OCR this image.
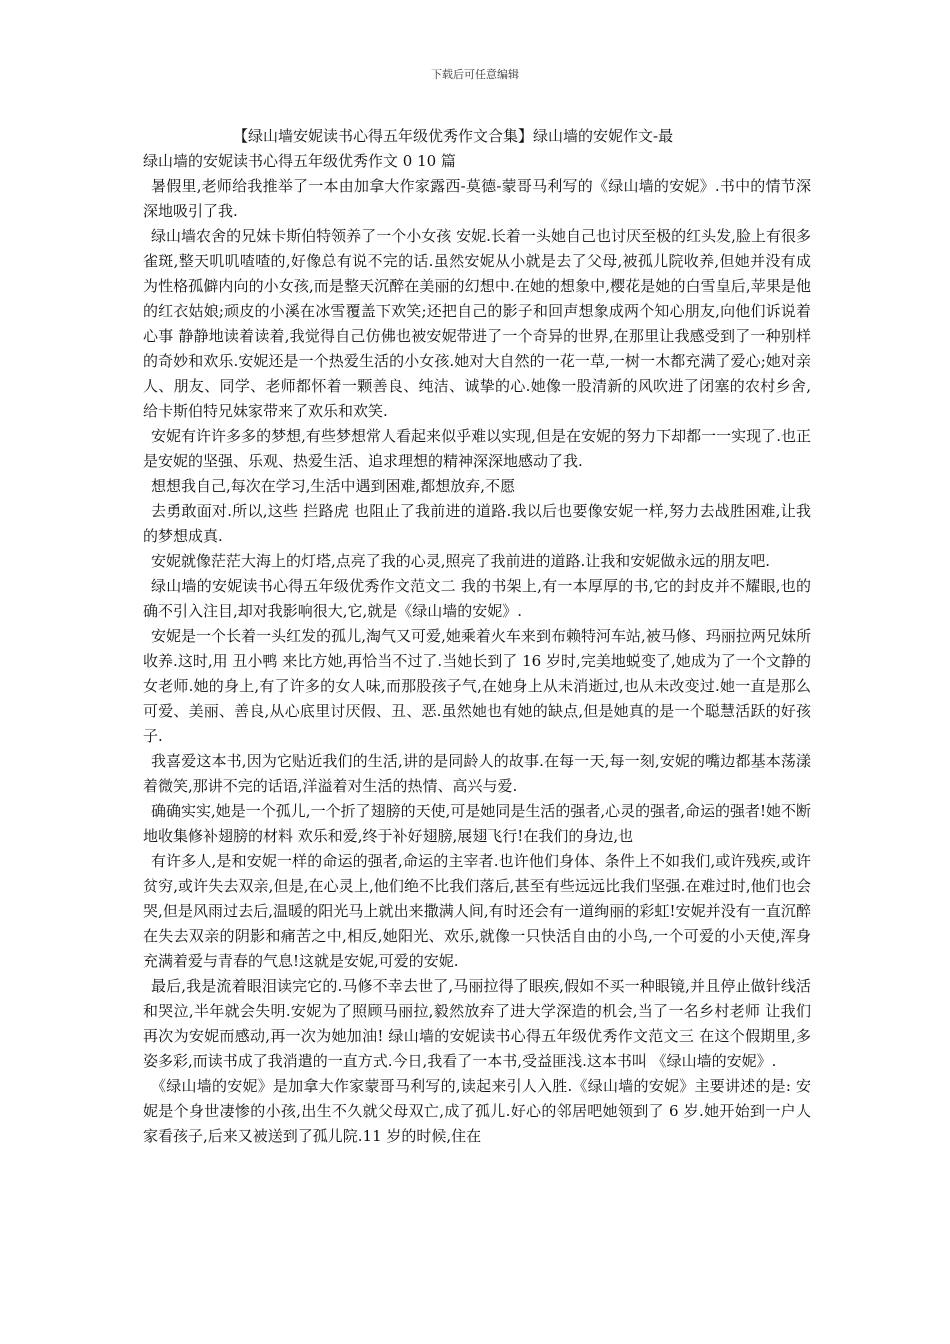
下载后可任意编辑

【绿山墙安妮读书心得五年级优秀作文合集】绿山墙的安妮作文-最

绿山墙的安妮读书心得五年级优秀作文 0 10 篇

暑假里,老师给我推举了一本由加拿大作家露西-莫德-蒙哥马利写的《绿山墙的安妮》.书中的情节深深地吸引了我.

绿山墙农舍的兄妹卡斯伯特领养了一个小女孩 安妮.长着一头她自己也讨厌至极的红头发,脸上有很多雀斑,整天叽叽喳喳的,好像总有说不完的话.虽然安妮从小就是去了父母,被孤儿院收养,但她并没有成为性格孤僻内向的小女孩,而是整天沉醉在美丽的幻想中.在她的想象中,樱花是她的白雪皇后,苹果是他的红衣姑娘;顽皮的小溪在冰雪覆盖下欢笑;还把自己的影子和回声想象成两个知心朋友,向他们诉说着心事 静静地读着读着,我觉得自己仿佛也被安妮带进了一个奇异的世界,在那里让我感受到了一种别样的奇妙和欢乐.安妮还是一个热爱生活的小女孩.她对大自然的一花一草,一树一木都充满了爱心;她对亲人、朋友、同学、老师都怀着一颗善良、纯洁、诚挚的心.她像一股清新的风吹进了闭塞的农村乡舍,给卡斯伯特兄妹家带来了欢乐和欢笑.

安妮有许许多多的梦想,有些梦想常人看起来似乎难以实现,但是在安妮的努力下却都一一实现了.也正是安妮的坚强、乐观、热爱生活、追求理想的精神深深地感动了我.

想想我自己,每次在学习,生活中遇到困难,都想放弃,不愿

去勇敢面对.所以,这些 拦路虎 也阻止了我前进的道路.我以后也要像安妮一样,努力去战胜困难,让我的梦想成真.

安妮就像茫茫大海上的灯塔,点亮了我的心灵,照亮了我前进的道路.让我和安妮做永远的朋友吧.

绿山墙的安妮读书心得五年级优秀作文范文二 我的书架上,有一本厚厚的书,它的封皮并不耀眼,也的确不引入注目,却对我影响很大,它,就是《绿山墙的安妮》.

安妮是一个长着一头红发的孤儿,淘气又可爱,她乘着火车来到布赖特河车站,被马修、玛丽拉两兄妹所收养.这时,用 丑小鸭 来比方她,再恰当不过了.当她长到了 16 岁时,完美地蜕变了,她成为了一个文静的女老师.她的身上,有了许多的女人味,而那股孩子气,在她身上从未消逝过,也从未改变过.她一直是那么可爱、美丽、善良,从心底里讨厌假、丑、恶.虽然她也有她的缺点,但是她真的是一个聪慧活跃的好孩子.

我喜爱这本书,因为它贴近我们的生活,讲的是同龄人的故事.在每一天,每一刻,安妮的嘴边都基本荡漾着微笑,那讲不完的话语,洋溢着对生活的热情、高兴与爱.

确确实实,她是一个孤儿,一个折了翅膀的天使,可是她同是生活的强者,心灵的强者,命运的强者!她不断地收集修补翅膀的材料 欢乐和爱,终于补好翅膀,展翅飞行!在我们的身边,也

有许多人,是和安妮一样的命运的强者,命运的主宰者.也许他们身体、条件上不如我们,或许残疾,或许贫穷,或许失去双亲,但是,在心灵上,他们绝不比我们落后,甚至有些远远比我们坚强.在难过时,他们也会哭,但是风雨过去后,温暖的阳光马上就出来撒满人间,有时还会有一道绚丽的彩虹!安妮并没有一直沉醉在失去双亲的阴影和痛苦之中,相反,她阳光、欢乐,就像一只快活自由的小鸟,一个可爱的小天使,浑身充满着爱与青春的气息!这就是安妮,可爱的安妮.

最后,我是流着眼泪读完它的.马修不幸去世了,马丽拉得了眼疾,假如不买一种眼镜,并且停止做针线活和哭泣,半年就会失明.安妮为了照顾马丽拉,毅然放弃了进大学深造的机会,当了一名乡村老师 让我们再次为安妮而感动,再一次为她加油! 绿山墙的安妮读书心得五年级优秀作文范文三 在这个假期里,多姿多彩,而读书成了我消遣的一直方式.今日,我看了一本书,受益匪浅.这本书叫 《绿山墙的安妮》.

《绿山墙的安妮》是加拿大作家蒙哥马利写的,读起来引人入胜.《绿山墙的安妮》主要讲述的是: 安妮是个身世凄惨的小孩,出生不久就父母双亡,成了孤儿.好心的邻居吧她领到了 6 岁.她开始到一户人家看孩子,后来又被送到了孤儿院.11 岁的时候,住在
